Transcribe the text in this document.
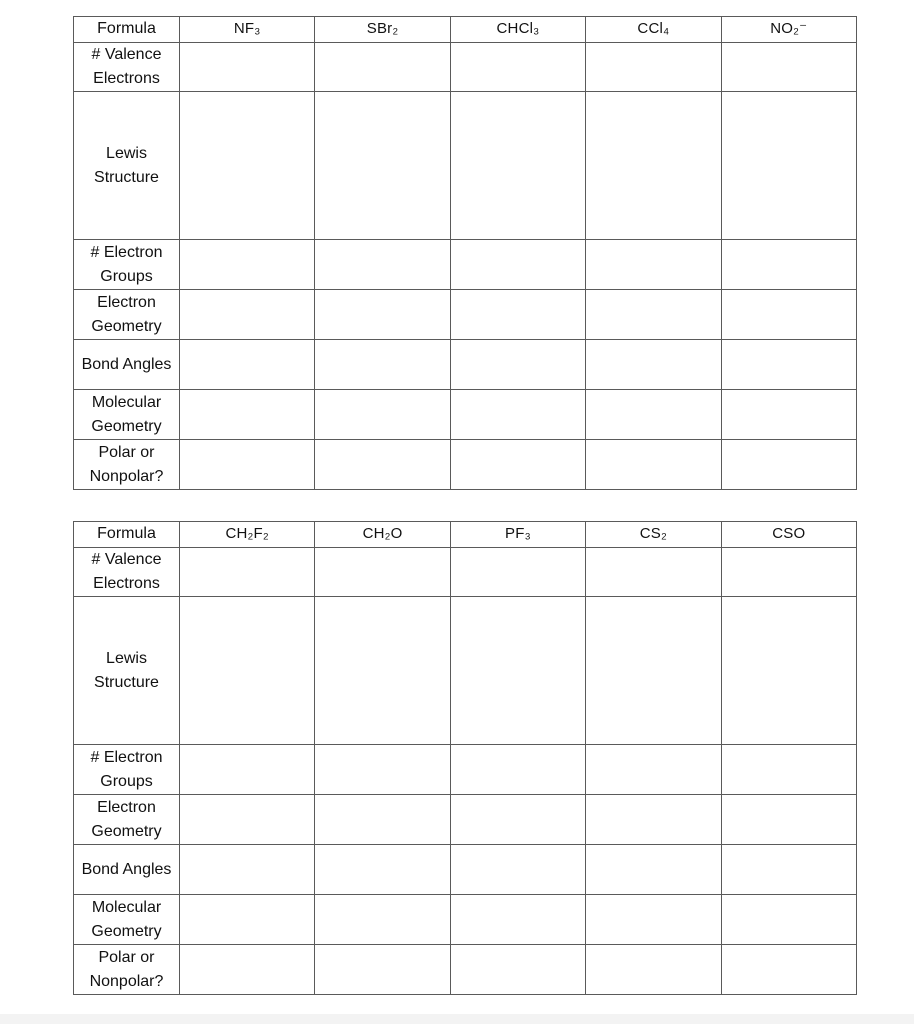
Formula	NF₃	SBr₂	CHCl₃	CCl₄	NO₂⁻

# Valence Electrons					

Lewis Structure					

# Electron Groups					

Electron Geometry					

Bond Angles					

Molecular Geometry					

Polar or Nonpolar?					

Formula	CH₂F₂	CH₂O	PF₃	CS₂	CSO

# Valence Electrons					

Lewis Structure					

# Electron Groups					

Electron Geometry					

Bond Angles					

Molecular Geometry					

Polar or Nonpolar?					
